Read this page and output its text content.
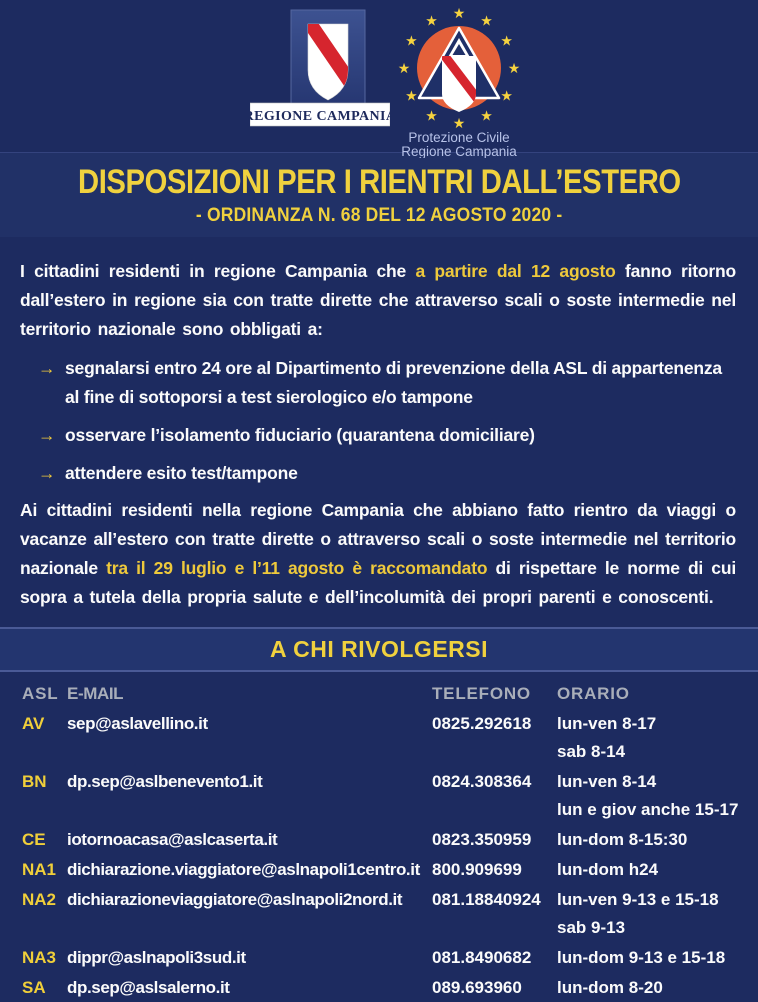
REGIONE CAMPANIA
★ ★
★
★
★
★
★
★
★
★
★
★
Protezione Civile
Regione Campania
DISPOSIZIONI PER I RIENTRI DALL’ESTERO
- ORDINANZA N. 68 DEL 12 AGOSTO 2020 -

I cittadini residenti in regione Campania che a partire dal 12 agosto fanno ritorno dall’estero in regione sia con tratte dirette che attraverso scali o soste intermedie nel territorio nazionale sono obbligati a:

→ segnalarsi entro 24 ore al Dipartimento di prevenzione della ASL di appartenenza al fine di sottoporsi a test sierologico e/o tampone
→ osservare l’isolamento fiduciario (quarantena domiciliare)
→ attendere esito test/tampone

Ai cittadini residenti nella regione Campania che abbiano fatto rientro da viaggi o vacanze all’estero con tratte dirette o attraverso scali o soste intermedie nel territorio nazionale tra il 29 luglio e l’11 agosto è raccomandato di rispettare le norme di cui sopra a tutela della propria salute e dell’incolumità dei propri parenti e conoscenti.

A CHI RIVOLGERSI
ASL E-MAIL	TELEFONO	ORARIO
AV	sep@aslavellino.it	0825.292618	lun-ven 8-17
sab 8-14
BN	dp.sep@aslbenevento1.it	0824.308364	lun-ven 8-14
lun e giov anche 15-17
CE	iotornoacasa@aslcaserta.it	0823.350959	lun-dom 8-15:30
NA1 dichiarazione.viaggiatore@aslnapoli1centro.it 800.909699	lun-dom h24
NA2 dichiarazioneviaggiatore@aslnapoli2nord.it	081.18840924 lun-ven 9-13 e 15-18
sab 9-13
NA3 dippr@aslnapoli3sud.it	081.8490682	lun-dom 9-13 e 15-18
SA	dp.sep@aslsalerno.it	089.693960	lun-dom 8-20
